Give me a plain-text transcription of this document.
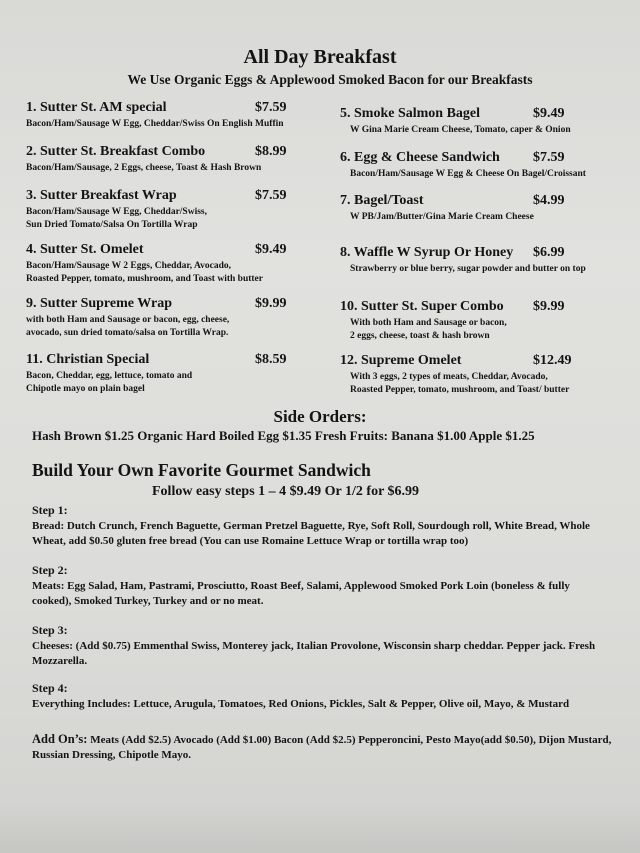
All Day Breakfast
We Use Organic Eggs & Applewood Smoked Bacon for our Breakfasts
1. Sutter St. AM special	$7.59
Bacon/Ham/Sausage W Egg, Cheddar/Swiss On English Muffin
2. Sutter St. Breakfast Combo	$8.99
Bacon/Ham/Sausage, 2 Eggs, cheese, Toast & Hash Brown
3. Sutter Breakfast Wrap	$7.59
Bacon/Ham/Sausage W Egg, Cheddar/Swiss,
Sun Dried Tomato/Salsa On Tortilla Wrap
4. Sutter St. Omelet	$9.49
Bacon/Ham/Sausage W 2 Eggs, Cheddar, Avocado,
Roasted Pepper, tomato, mushroom, and Toast with butter
9. Sutter Supreme Wrap	$9.99
with both Ham and Sausage or bacon, egg, cheese,
avocado, sun dried tomato/salsa on Tortilla Wrap.
11. Christian Special	$8.59
Bacon, Cheddar, egg, lettuce, tomato and
Chipotle mayo on plain bagel
5. Smoke Salmon Bagel	$9.49
W Gina Marie Cream Cheese, Tomato, caper & Onion
6. Egg & Cheese Sandwich $7.59
Bacon/Ham/Sausage W Egg & Cheese On Bagel/Croissant
7. Bagel/Toast	$4.99
W PB/Jam/Butter/Gina Marie Cream Cheese
8. Waffle W Syrup Or Honey $6.99
Strawberry or blue berry, sugar powder and butter on top
10. Sutter St. Super Combo $9.99
With both Ham and Sausage or bacon,
2 eggs, cheese, toast & hash brown
12. Supreme Omelet	$12.49
With 3 eggs, 2 types of meats, Cheddar, Avocado,
Roasted Pepper, tomato, mushroom, and Toast/ butter
Side Orders:
Hash Brown $1.25 Organic Hard Boiled Egg $1.35 Fresh Fruits: Banana $1.00 Apple $1.25
Build Your Own Favorite Gourmet Sandwich
Follow easy steps 1 – 4 $9.49 Or 1/2 for $6.99
Step 1:
Bread: Dutch Crunch, French Baguette, German Pretzel Baguette, Rye, Soft Roll, Sourdough roll, White Bread, Whole Wheat, add $0.50 gluten free bread (You can use Romaine Lettuce Wrap or tortilla wrap too)
Step 2:
Meats: Egg Salad, Ham, Pastrami, Prosciutto, Roast Beef, Salami, Applewood Smoked Pork Loin (boneless & fully cooked), Smoked Turkey, Turkey and or no meat.
Step 3:
Cheeses: (Add $0.75) Emmenthal Swiss, Monterey jack, Italian Provolone, Wisconsin sharp cheddar. Pepper jack. Fresh Mozzarella.
Step 4:
Everything Includes: Lettuce, Arugula, Tomatoes, Red Onions, Pickles, Salt & Pepper, Olive oil, Mayo, & Mustard
Add On’s: Meats (Add $2.5) Avocado (Add $1.00) Bacon (Add $2.5) Pepperoncini, Pesto Mayo(add $0.50), Dijon Mustard, Russian Dressing, Chipotle Mayo.
